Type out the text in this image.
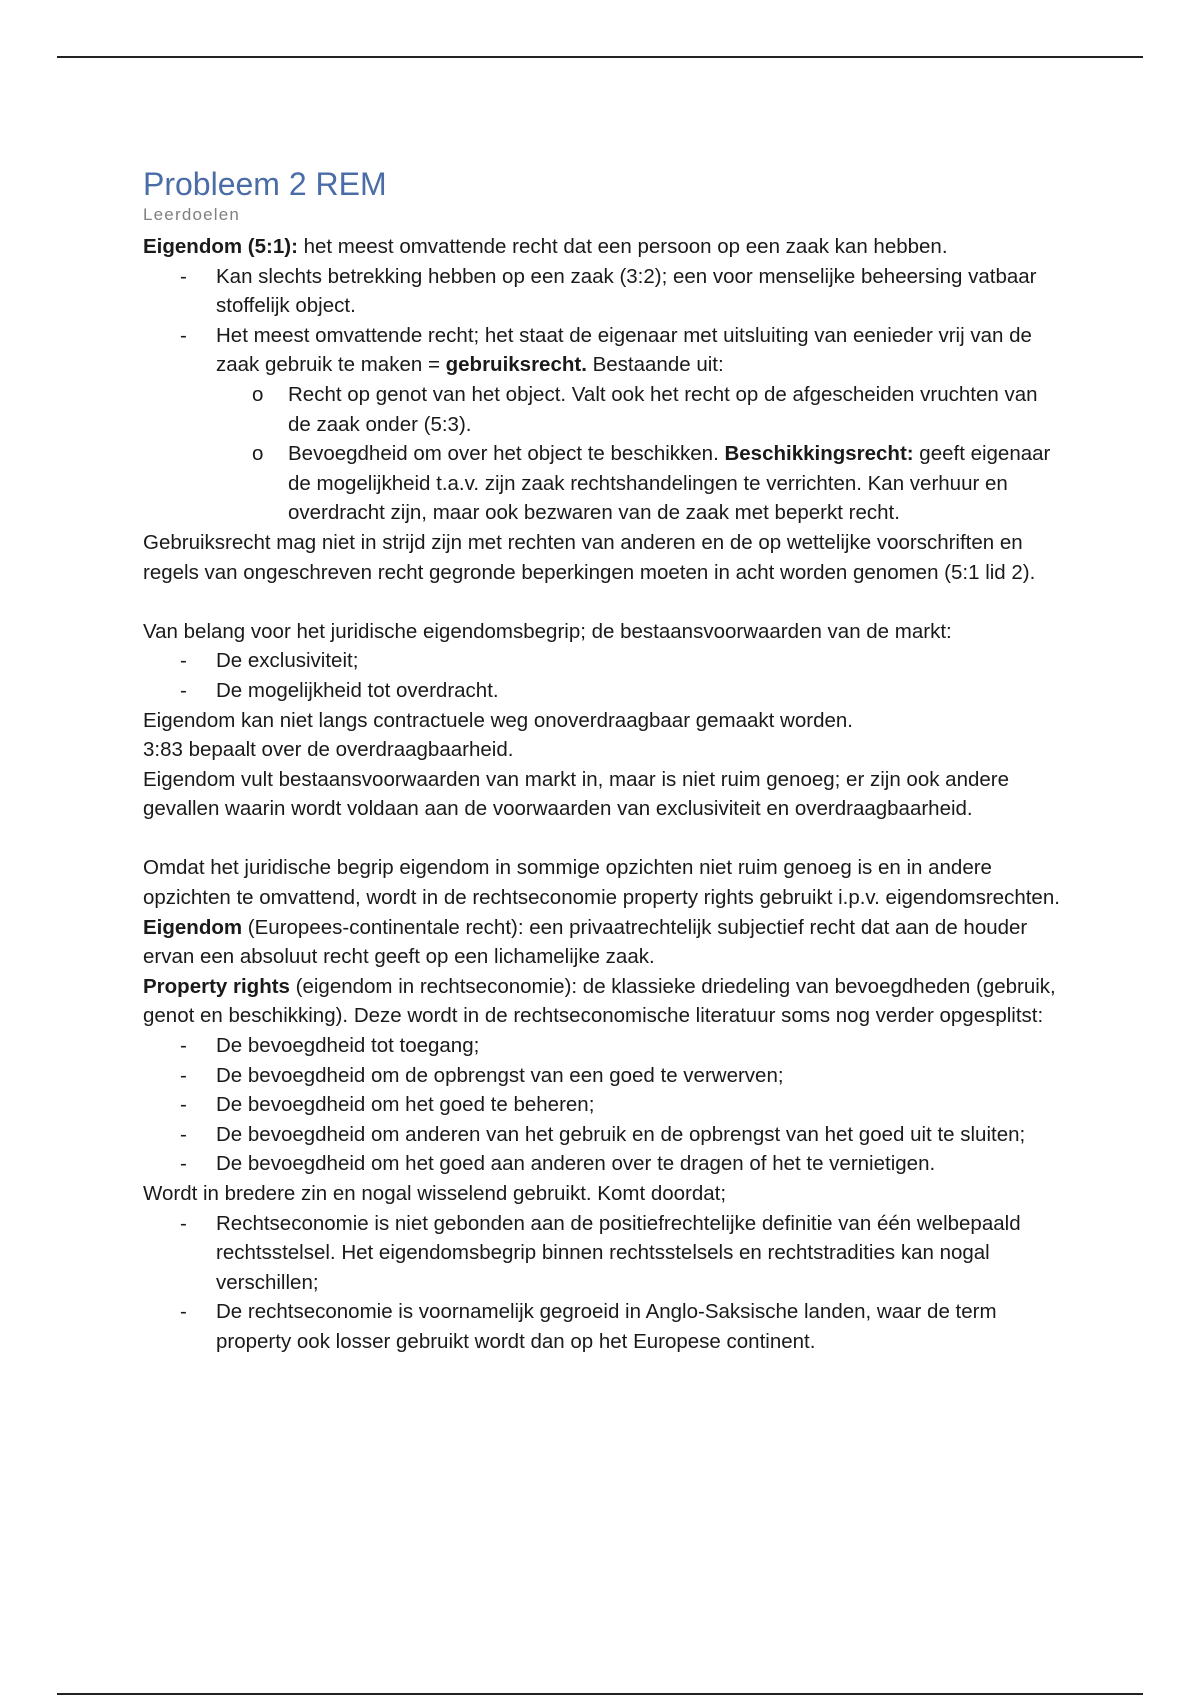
Probleem 2 REM
Leerdoelen

Eigendom (5:1): het meest omvattende recht dat een persoon op een zaak kan hebben.

- Kan slechts betrekking hebben op een zaak (3:2); een voor menselijke beheersing vatbaar stoffelijk object.
- Het meest omvattende recht; het staat de eigenaar met uitsluiting van eenieder vrij van de zaak gebruik te maken = gebruiksrecht. Bestaande uit:
o Recht op genot van het object. Valt ook het recht op de afgescheiden vruchten van de zaak onder (5:3).
o Bevoegdheid om over het object te beschikken. Beschikkingsrecht: geeft eigenaar de mogelijkheid t.a.v. zijn zaak rechtshandelingen te verrichten. Kan verhuur en overdracht zijn, maar ook bezwaren van de zaak met beperkt recht.

Gebruiksrecht mag niet in strijd zijn met rechten van anderen en de op wettelijke voorschriften en regels van ongeschreven recht gegronde beperkingen moeten in acht worden genomen (5:1 lid 2).

Van belang voor het juridische eigendomsbegrip; de bestaansvoorwaarden van de markt:

- De exclusiviteit;
- De mogelijkheid tot overdracht.

Eigendom kan niet langs contractuele weg onoverdraagbaar gemaakt worden.

3:83 bepaalt over de overdraagbaarheid.

Eigendom vult bestaansvoorwaarden van markt in, maar is niet ruim genoeg; er zijn ook andere gevallen waarin wordt voldaan aan de voorwaarden van exclusiviteit en overdraagbaarheid.

Omdat het juridische begrip eigendom in sommige opzichten niet ruim genoeg is en in andere opzichten te omvattend, wordt in de rechtseconomie property rights gebruikt i.p.v. eigendomsrechten.

Eigendom (Europees-continentale recht): een privaatrechtelijk subjectief recht dat aan de houder ervan een absoluut recht geeft op een lichamelijke zaak.

Property rights (eigendom in rechtseconomie): de klassieke driedeling van bevoegdheden (gebruik, genot en beschikking). Deze wordt in de rechtseconomische literatuur soms nog verder opgesplitst:

- De bevoegdheid tot toegang;
- De bevoegdheid om de opbrengst van een goed te verwerven;
- De bevoegdheid om het goed te beheren;
- De bevoegdheid om anderen van het gebruik en de opbrengst van het goed uit te sluiten;
- De bevoegdheid om het goed aan anderen over te dragen of het te vernietigen.

Wordt in bredere zin en nogal wisselend gebruikt. Komt doordat;

- Rechtseconomie is niet gebonden aan de positiefrechtelijke definitie van één welbepaald rechtsstelsel. Het eigendomsbegrip binnen rechtsstelsels en rechtstradities kan nogal verschillen;
- De rechtseconomie is voornamelijk gegroeid in Anglo-Saksische landen, waar de term property ook losser gebruikt wordt dan op het Europese continent.
